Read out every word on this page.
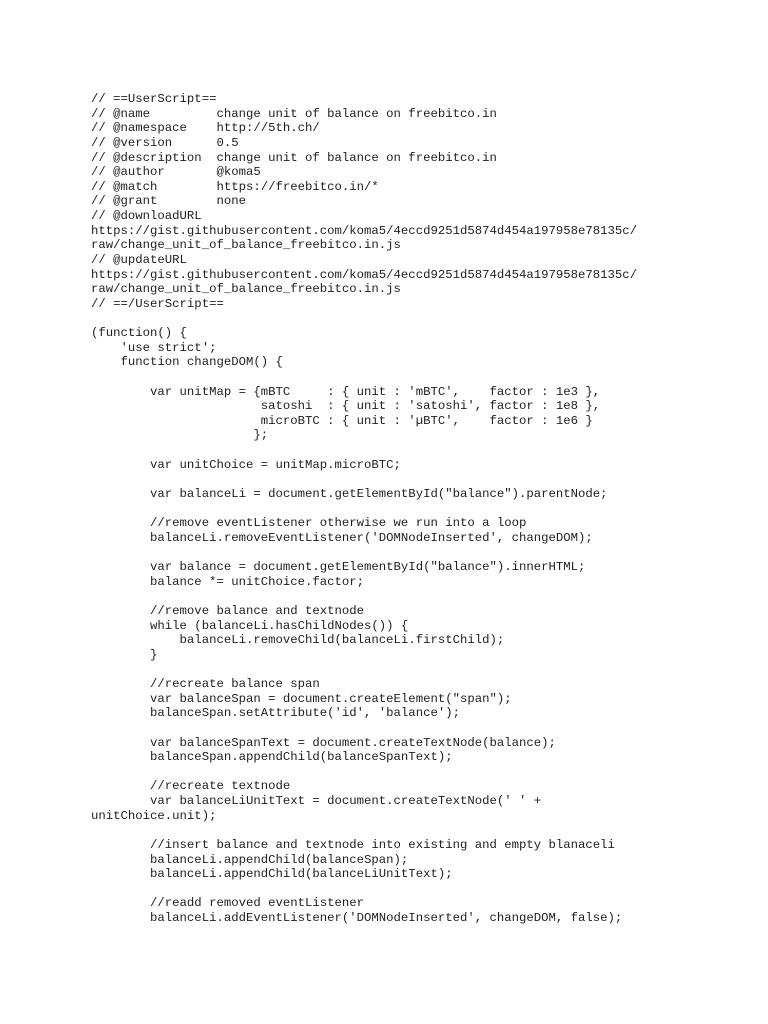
// ==UserScript==
// @name         change unit of balance on freebitco.in
// @namespace    http://5th.ch/
// @version      0.5
// @description  change unit of balance on freebitco.in
// @author       @koma5
// @match        https://freebitco.in/*
// @grant        none
// @downloadURL
https://gist.githubusercontent.com/koma5/4eccd9251d5874d454a197958e78135c/
raw/change_unit_of_balance_freebitco.in.js
// @updateURL
https://gist.githubusercontent.com/koma5/4eccd9251d5874d454a197958e78135c/
raw/change_unit_of_balance_freebitco.in.js
// ==/UserScript==
(function() {
'use strict';
function changeDOM() {
var unitMap = {mBTC     : { unit : 'mBTC',    factor : 1e3 },
satoshi  : { unit : 'satoshi', factor : 1e8 },
microBTC : { unit : 'µBTC',    factor : 1e6 }
};
var unitChoice = unitMap.microBTC;
var balanceLi = document.getElementById("balance").parentNode;
//remove eventListener otherwise we run into a loop
balanceLi.removeEventListener('DOMNodeInserted', changeDOM);
var balance = document.getElementById("balance").innerHTML;
balance *= unitChoice.factor;
//remove balance and textnode
while (balanceLi.hasChildNodes()) {
balanceLi.removeChild(balanceLi.firstChild);
}
//recreate balance span
var balanceSpan = document.createElement("span");
balanceSpan.setAttribute('id', 'balance');
var balanceSpanText = document.createTextNode(balance);
balanceSpan.appendChild(balanceSpanText);
//recreate textnode
var balanceLiUnitText = document.createTextNode(' ' +
unitChoice.unit);
//insert balance and textnode into existing and empty blanaceli
balanceLi.appendChild(balanceSpan);
balanceLi.appendChild(balanceLiUnitText);
//readd removed eventListener
balanceLi.addEventListener('DOMNodeInserted', changeDOM, false);
